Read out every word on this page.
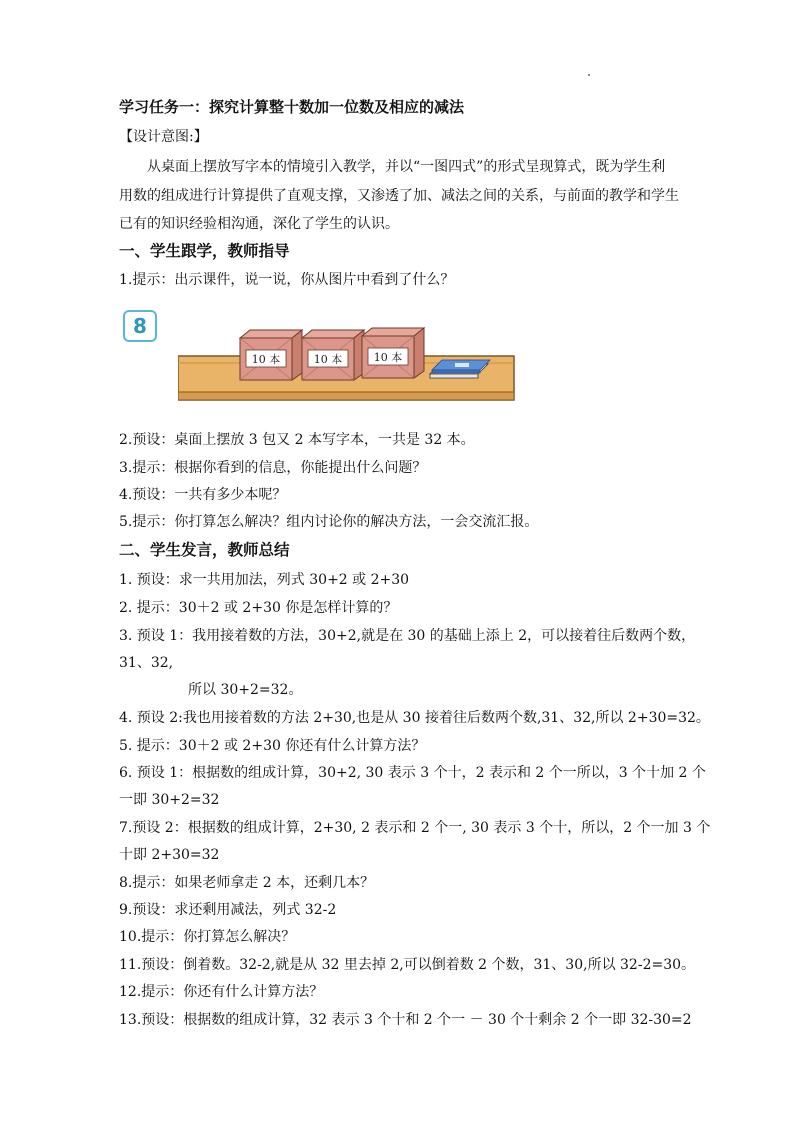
学习任务一：探究计算整十数加一位数及相应的减法
【设计意图:】
从桌面上摆放写字本的情境引入教学，并以“一图四式”的形式呈现算式，既为学生利
用数的组成进行计算提供了直观支撑，又渗透了加、减法之间的关系，与前面的教学和学生
已有的知识经验相沟通，深化了学生的认识。
一、学生跟学，教师指导
1.提示：出示课件，说一说，你从图片中看到了什么？
8
10 本	10 本	10 本
2.预设：桌面上摆放 3 包又 2 本写字本，一共是 32 本。
3.提示：根据你看到的信息，你能提出什么问题？
4.预设：一共有多少本呢？
5.提示：你打算怎么解决？组内讨论你的解决方法，一会交流汇报。
二、学生发言，教师总结
1. 预设：求一共用加法，列式 30+2 或 2+30
2. 提示：30＋2 或 2+30 你是怎样计算的？
3. 预设 1：我用接着数的方法，30+2,就是在 30 的基础上添上 2，可以接着往后数两个数，
31、32,
所以 30+2=32。
4. 预设 2:我也用接着数的方法 2+30,也是从 30 接着往后数两个数,31、32,所以 2+30=32。
5. 提示：30＋2 或 2+30 你还有什么计算方法？
6. 预设 1：根据数的组成计算，30+2, 30 表示 3 个十，2 表示和 2 个一所以，3 个十加 2 个
一即 30+2=32
7.预设 2：根据数的组成计算，2+30, 2 表示和 2 个一, 30 表示 3 个十，所以，2 个一加 3 个
十即 2+30=32
8.提示：如果老师拿走 2 本，还剩几本？
9.预设：求还剩用减法，列式 32-2
10.提示：你打算怎么解决？
11.预设：倒着数。32-2,就是从 32 里去掉 2,可以倒着数 2 个数，31、30,所以 32-2=30。
12.提示：你还有什么计算方法？
13.预设：根据数的组成计算，32 表示 3 个十和 2 个一 － 30 个十剩余 2 个一即 32-30=2
